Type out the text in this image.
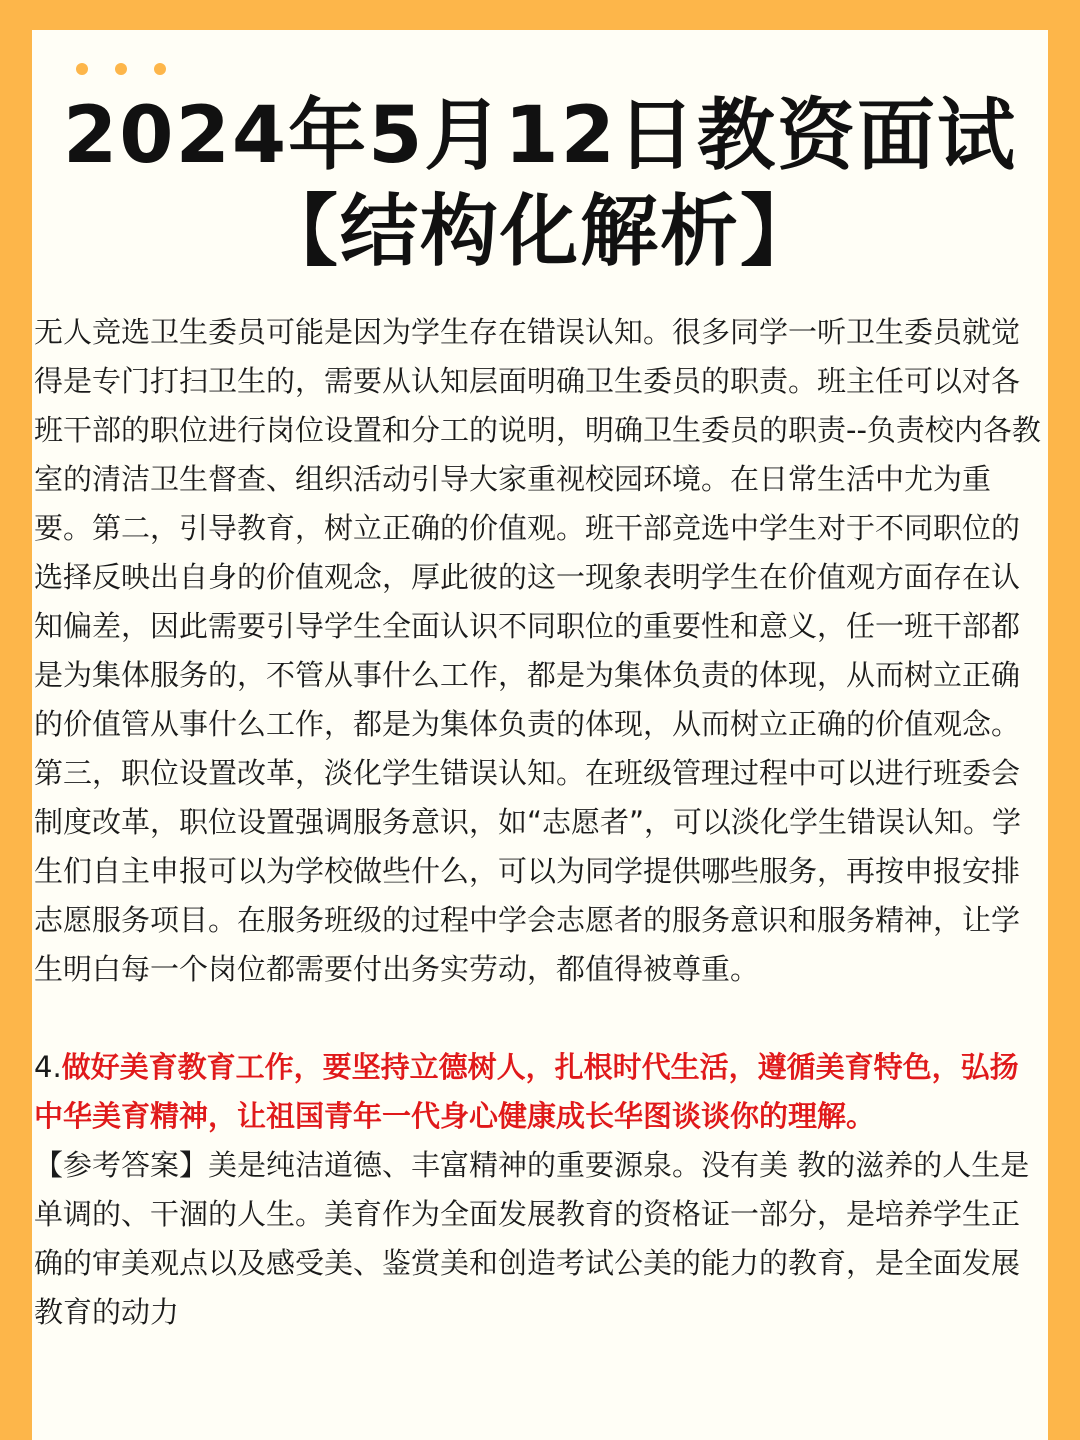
2024年5月12日教资面试
【结构化解析】

无人竞选卫生委员可能是因为学生存在错误认知。很多同学一听卫生委员就觉得是专门打扫卫生的，需要从认知层面明确卫生委员的职责。班主任可以对各班干部的职位进行岗位设置和分工的说明，明确卫生委员的职责--负责校内各教室的清洁卫生督查、组织活动引导大家重视校园环境。在日常生活中尤为重要。第二，引导教育，树立正确的价值观。班干部竞选中学生对于不同职位的选择反映出自身的价值观念，厚此彼的这一现象表明学生在价值观方面存在认知偏差，因此需要引导学生全面认识不同职位的重要性和意义，任一班干部都是为集体服务的，不管从事什么工作，都是为集体负责的体现，从而树立正确的价值管从事什么工作，都是为集体负责的体现，从而树立正确的价值观念。

第三，职位设置改革，淡化学生错误认知。在班级管理过程中可以进行班委会制度改革，职位设置强调服务意识，如“志愿者”，可以淡化学生错误认知。学生们自主申报可以为学校做些什么，可以为同学提供哪些服务，再按申报安排志愿服务项目。在服务班级的过程中学会志愿者的服务意识和服务精神，让学生明白每一个岗位都需要付出务实劳动，都值得被尊重。

4.做好美育教育工作，要坚持立德树人，扎根时代生活，遵循美育特色，弘扬中华美育精神，让祖国青年一代身心健康成长华图谈谈你的理解。

【参考答案】美是纯洁道德、丰富精神的重要源泉。没有美 教的滋养的人生是单调的、干涸的人生。美育作为全面发展教育的资格证一部分，是培养学生正确的审美观点以及感受美、鉴赏美和创造考试公美的能力的教育，是全面发展教育的动力
